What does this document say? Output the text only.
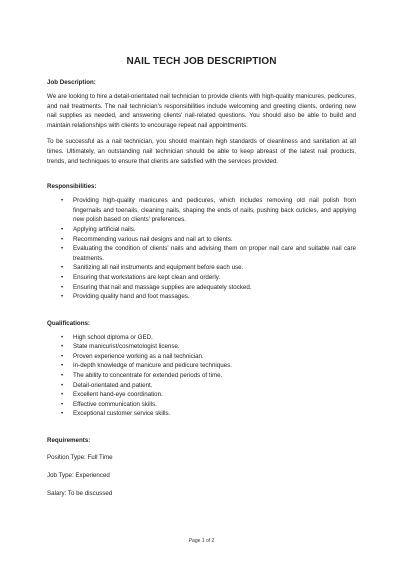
NAIL TECH JOB DESCRIPTION
Job Description:

We are looking to hire a detail-orientated nail technician to provide clients with high-quality manicures, pedicures, and nail treatments. The nail technician's responsibilities include welcoming and greeting clients, ordering new nail supplies as needed, and answering clients' nail-related questions. You should also be able to build and maintain relationships with clients to encourage repeat nail appointments.

To be successful as a nail technician, you should maintain high standards of cleanliness and sanitation at all times. Ultimately, an outstanding nail technician should be able to keep abreast of the latest nail products, trends, and techniques to ensure that clients are satisfied with the services provided.

Responsibilities:
• Providing high-quality manicures and pedicures, which includes removing old nail polish from fingernails and toenails, cleaning nails, shaping the ends of nails, pushing back cuticles, and applying new polish based on clients' preferences.
• Applying artificial nails.
• Recommending various nail designs and nail art to clients.
• Evaluating the condition of clients' nails and advising them on proper nail care and suitable nail care treatments.
• Sanitizing all nail instruments and equipment before each use.
• Ensuring that workstations are kept clean and orderly.
• Ensuring that nail and massage supplies are adequately stocked.
• Providing quality hand and foot massages.
Qualifications:
• High school diploma or GED.
• State manicurist/cosmetologist license.
• Proven experience working as a nail technician.
• In-depth knowledge of manicure and pedicure techniques.
• The ability to concentrate for extended periods of time.
• Detail-orientated and patient.
• Excellent hand-eye coordination.
• Effective communication skills.
• Exceptional customer service skills.
Requirements:
Position Type: Full Time
Job Type: Experienced
Salary: To be discussed
Page 1 of 2
